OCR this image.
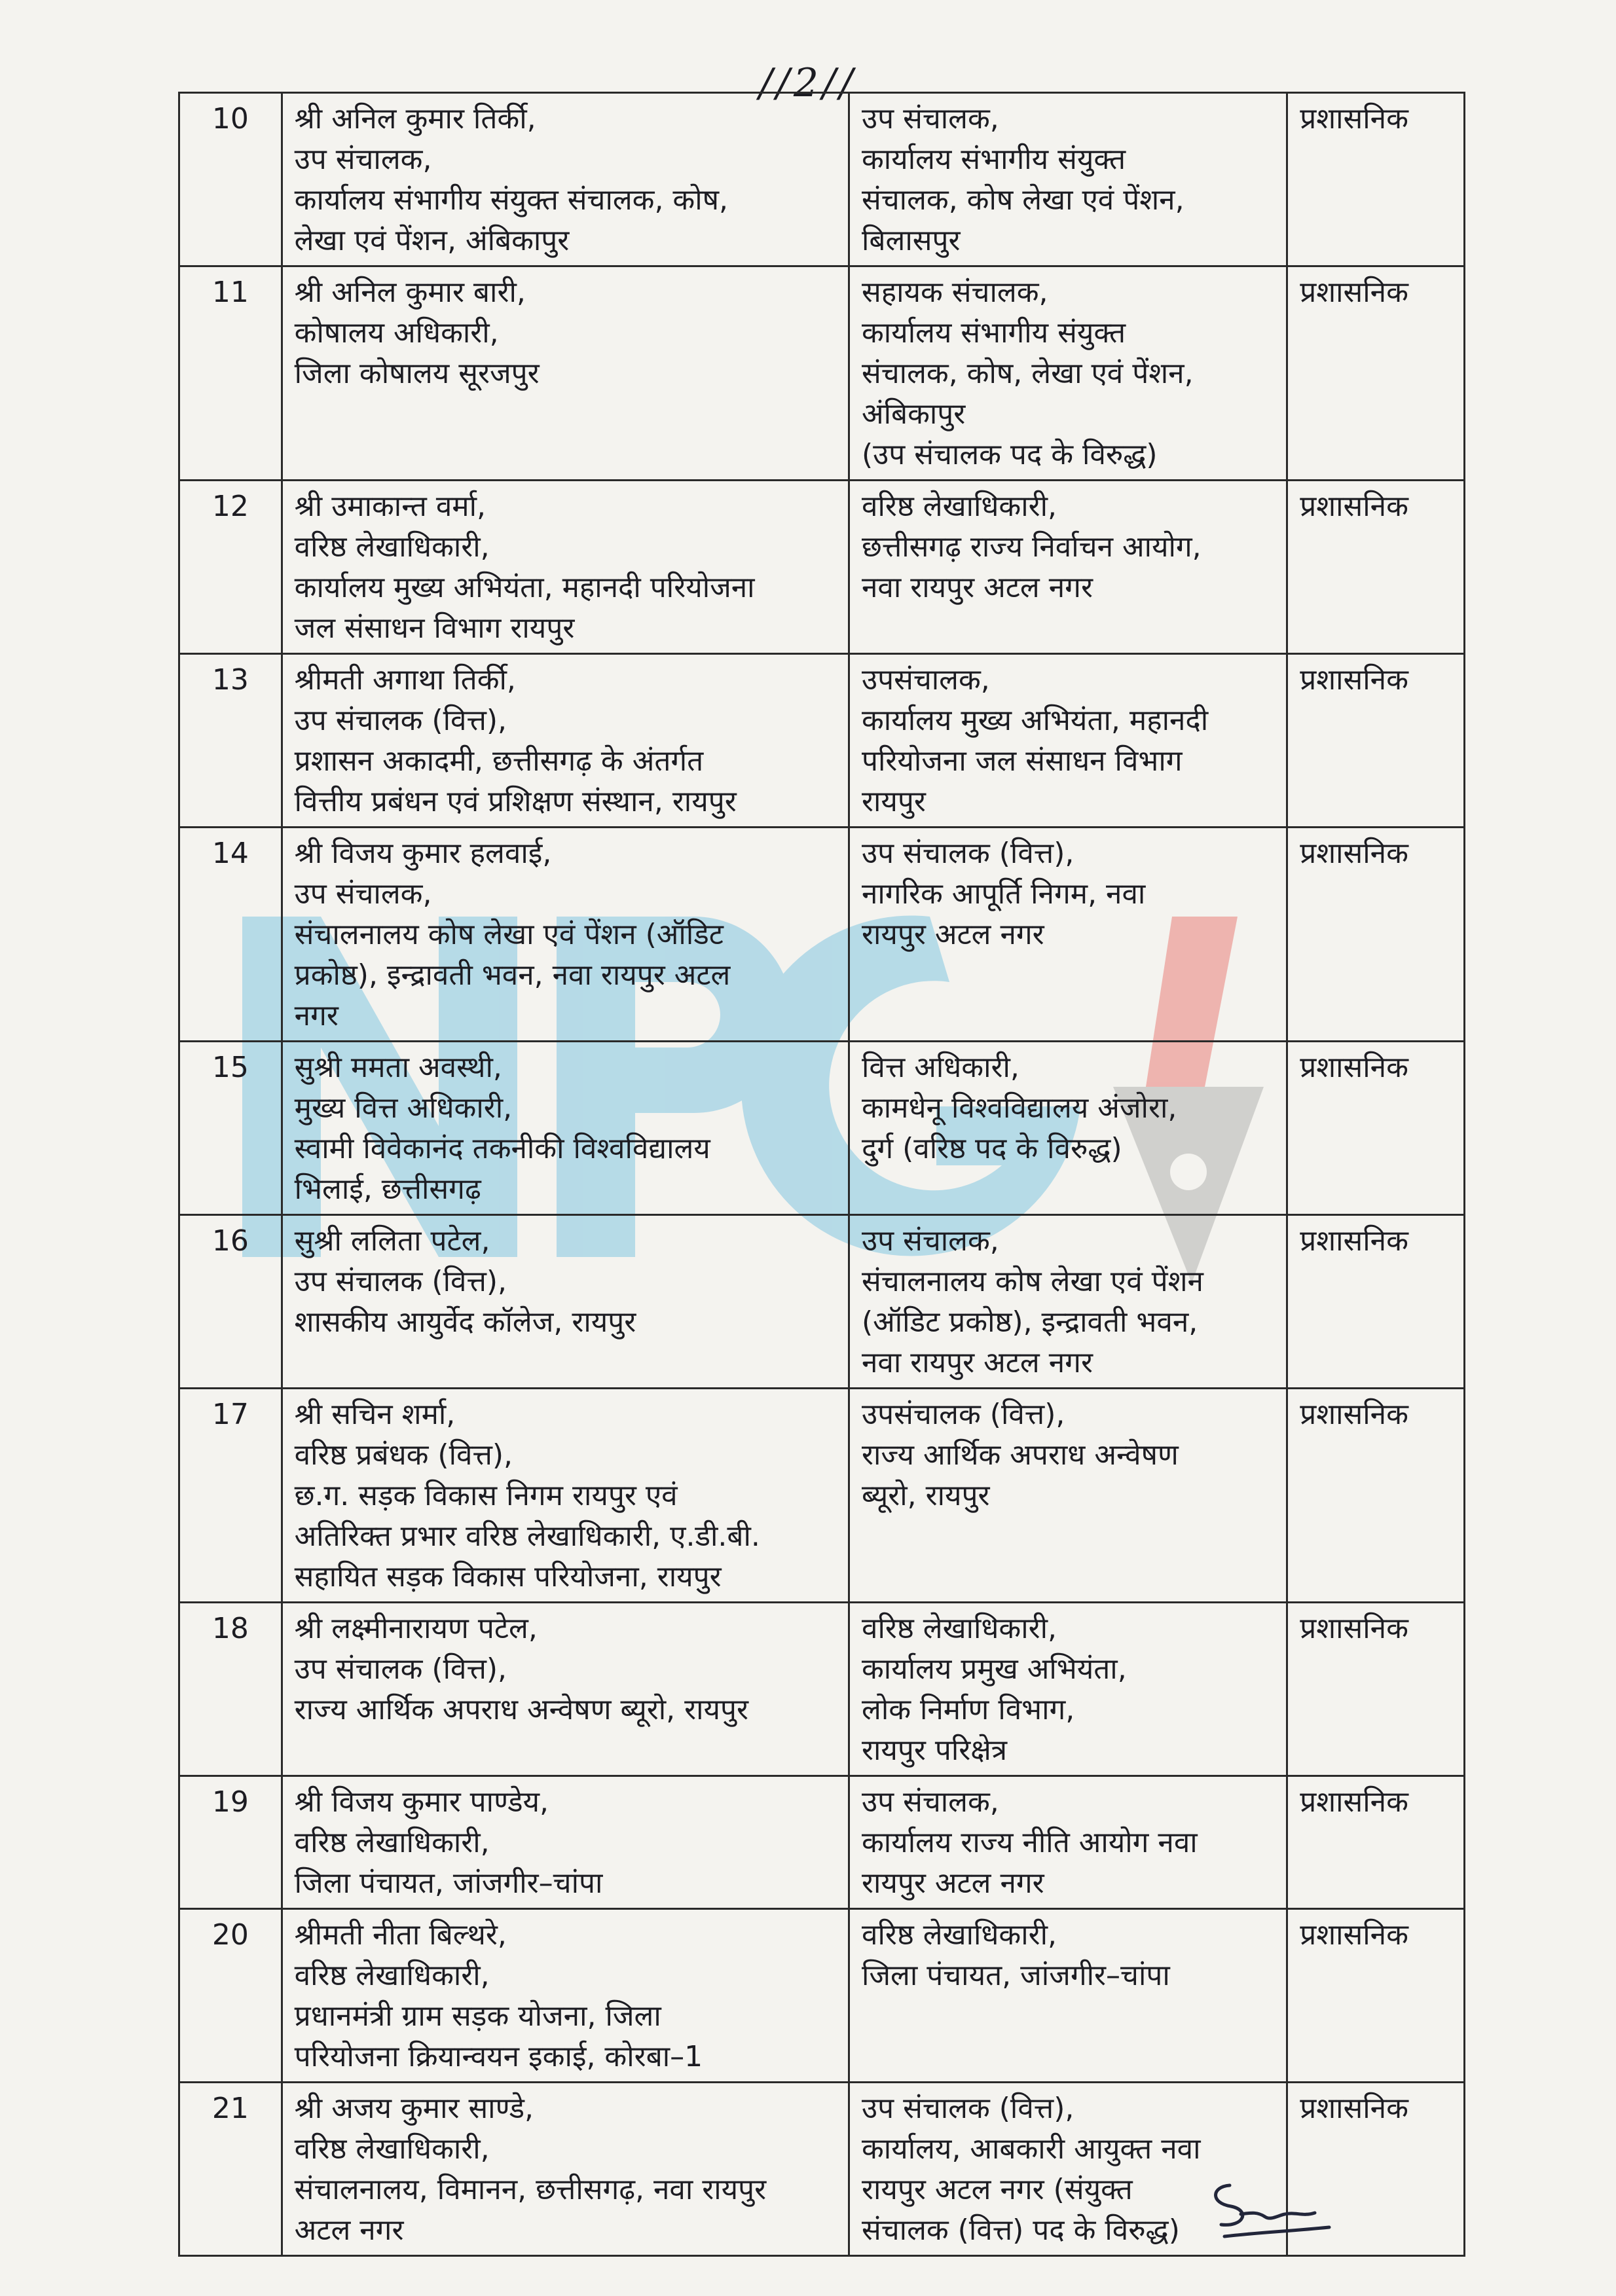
//2//
10	श्री अनिल कुमार तिर्की,
उप संचालक,
कार्यालय संभागीय संयुक्त संचालक, कोष,
लेखा एवं पेंशन, अंबिकापुर	उप संचालक,
कार्यालय संभागीय संयुक्त
संचालक, कोष लेखा एवं पेंशन,
बिलासपुर	प्रशासनिक
11	श्री अनिल कुमार बारी,
कोषालय अधिकारी,
जिला कोषालय सूरजपुर	सहायक संचालक,
कार्यालय संभागीय संयुक्त
संचालक, कोष, लेखा एवं पेंशन,
अंबिकापुर
(उप संचालक पद के विरुद्ध)	प्रशासनिक
12	श्री उमाकान्त वर्मा,
वरिष्ठ लेखाधिकारी,
कार्यालय मुख्य अभियंता, महानदी परियोजना
जल संसाधन विभाग रायपुर	वरिष्ठ लेखाधिकारी,
छत्तीसगढ़ राज्य निर्वाचन आयोग,
नवा रायपुर अटल नगर	प्रशासनिक
13	श्रीमती अगाथा तिर्की,
उप संचालक (वित्त),
प्रशासन अकादमी, छत्तीसगढ़ के अंतर्गत
वित्तीय प्रबंधन एवं प्रशिक्षण संस्थान, रायपुर	उपसंचालक,
कार्यालय मुख्य अभियंता, महानदी
परियोजना जल संसाधन विभाग
रायपुर	प्रशासनिक
14	श्री विजय कुमार हलवाई,
उप संचालक,
संचालनालय कोष लेखा एवं पेंशन (ऑडिट
प्रकोष्ठ), इन्द्रावती भवन, नवा रायपुर अटल
नगर	उप संचालक (वित्त),
नागरिक आपूर्ति निगम, नवा
रायपुर अटल नगर	प्रशासनिक
15	सुश्री ममता अवस्थी,
मुख्य वित्त अधिकारी,
स्वामी विवेकानंद तकनीकी विश्वविद्यालय
भिलाई, छत्तीसगढ़	वित्त अधिकारी,
कामधेनू विश्वविद्यालय अंजोरा,
दुर्ग (वरिष्ठ पद के विरुद्ध)	प्रशासनिक
16	सुश्री ललिता पटेल,
उप संचालक (वित्त),
शासकीय आयुर्वेद कॉलेज, रायपुर	उप संचालक,
संचालनालय कोष लेखा एवं पेंशन
(ऑडिट प्रकोष्ठ), इन्द्रावती भवन,
नवा रायपुर अटल नगर	प्रशासनिक
17	श्री सचिन शर्मा,
वरिष्ठ प्रबंधक (वित्त),
छ.ग. सड़क विकास निगम रायपुर एवं
अतिरिक्त प्रभार वरिष्ठ लेखाधिकारी, ए.डी.बी.
सहायित सड़क विकास परियोजना, रायपुर	उपसंचालक (वित्त),
राज्य आर्थिक अपराध अन्वेषण
ब्यूरो, रायपुर	प्रशासनिक
18	श्री लक्ष्मीनारायण पटेल,
उप संचालक (वित्त),
राज्य आर्थिक अपराध अन्वेषण ब्यूरो, रायपुर	वरिष्ठ लेखाधिकारी,
कार्यालय प्रमुख अभियंता,
लोक निर्माण विभाग,
रायपुर परिक्षेत्र	प्रशासनिक
19	श्री विजय कुमार पाण्डेय,
वरिष्ठ लेखाधिकारी,
जिला पंचायत, जांजगीर–चांपा	उप संचालक,
कार्यालय राज्य नीति आयोग नवा
रायपुर अटल नगर	प्रशासनिक
20	श्रीमती नीता बिल्थरे,
वरिष्ठ लेखाधिकारी,
प्रधानमंत्री ग्राम सड़क योजना, जिला
परियोजना क्रियान्वयन इकाई, कोरबा–1	वरिष्ठ लेखाधिकारी,
जिला पंचायत, जांजगीर–चांपा	प्रशासनिक
21	श्री अजय कुमार साण्डे,
वरिष्ठ लेखाधिकारी,
संचालनालय, विमानन, छत्तीसगढ़, नवा रायपुर
अटल नगर	उप संचालक (वित्त),
कार्यालय, आबकारी आयुक्त नवा
रायपुर अटल नगर (संयुक्त
संचालक (वित्त) पद के विरुद्ध)	प्रशासनिक
